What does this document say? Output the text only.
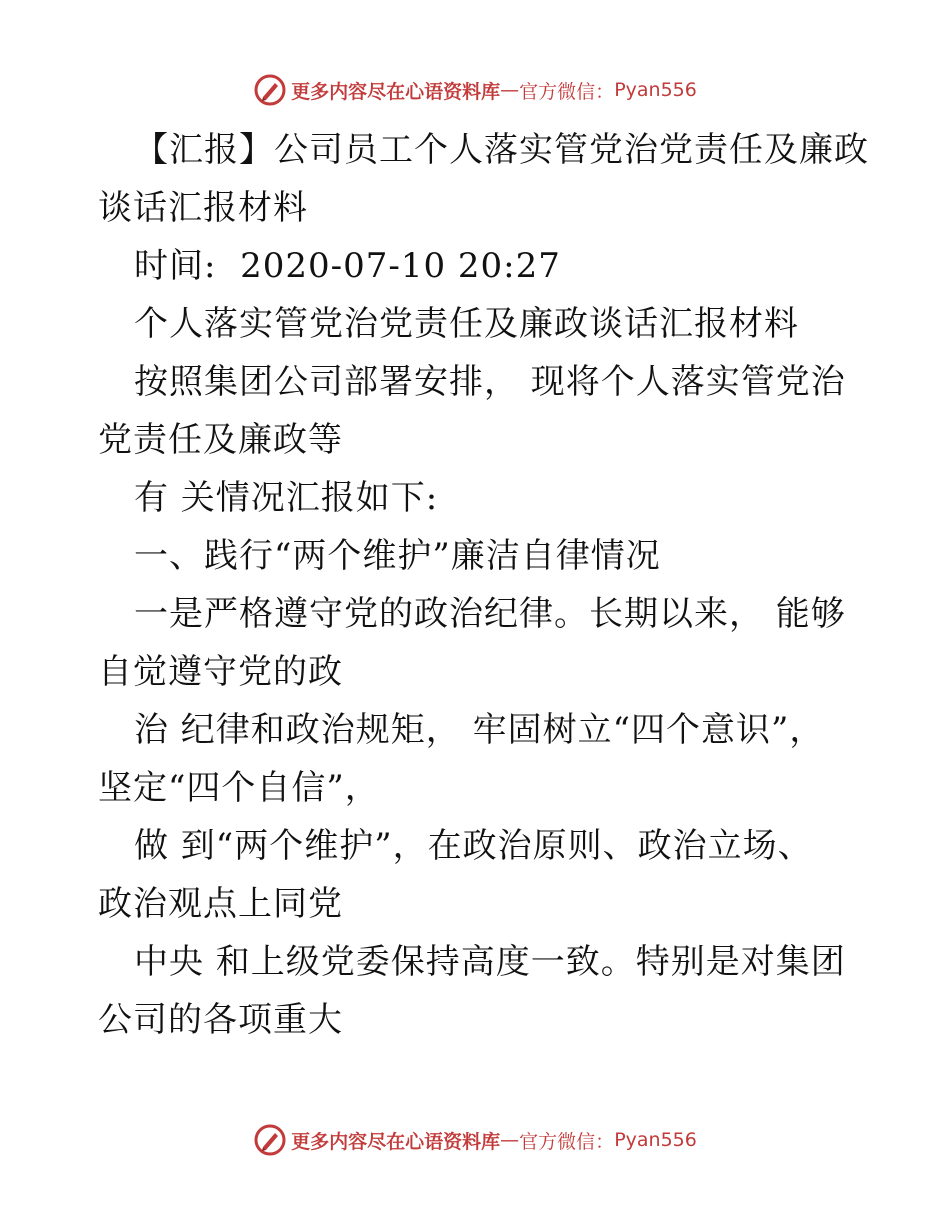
更多内容尽在心语资料库 — 官方微信： Pyan556
【汇报】公司员工个人落实管党治党责任及廉政
谈话汇报材料
时间:  2020-07-10 20:27
个人落实管党治党责任及廉政谈话汇报材料
按照集团公司部署安排， 现将个人落实管党治
党责任及廉政等
有 关情况汇报如下:
一、践行“两个维护”廉洁自律情况
一是严格遵守党的政治纪律。长期以来， 能够
自觉遵守党的政
治 纪律和政治规矩， 牢固树立“四个意识”，
坚定“四个自信”，
做 到“两个维护”，在政治原则、政治立场、
政治观点上同党
中央 和上级党委保持高度一致。特别是对集团
公司的各项重大
更多内容尽在心语资料库 — 官方微信： Pyan556
